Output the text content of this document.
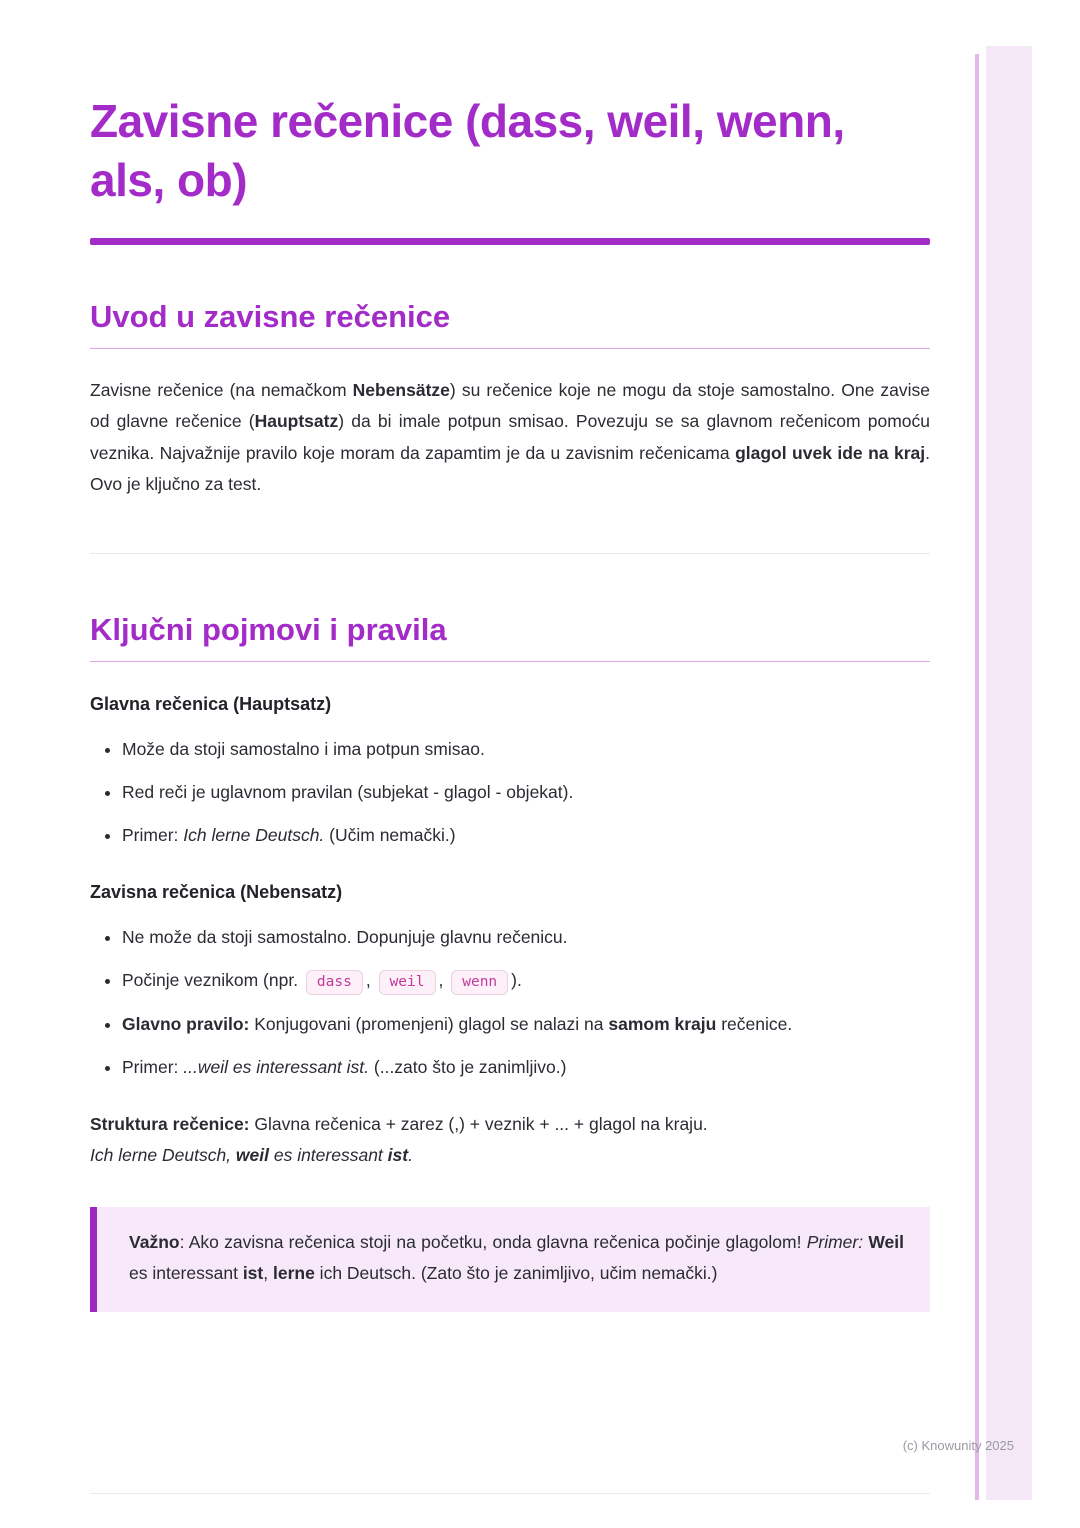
Zavisne rečenice (dass, weil, wenn, als, ob)
Uvod u zavisne rečenice

Zavisne rečenice (na nemačkom Nebensätze) su rečenice koje ne mogu da stoje samostalno. One zavise od glavne rečenice (Hauptsatz) da bi imale potpun smisao. Povezuju se sa glavnom rečenicom pomoću veznika. Najvažnije pravilo koje moram da zapamtim je da u zavisnim rečenicama glagol uvek ide na kraj. Ovo je ključno za test.

Ključni pojmovi i pravila

Glavna rečenica (Hauptsatz)

• Može da stoji samostalno i ima potpun smisao.
• Red reči je uglavnom pravilan (subjekat - glagol - objekat).
• Primer: Ich lerne Deutsch. (Učim nemački.)

Zavisna rečenica (Nebensatz)

• Ne može da stoji samostalno. Dopunjuje glavnu rečenicu.
• Počinje veznikom (npr. dass , weil , wenn ).
• Glavno pravilo: Konjugovani (promenjeni) glagol se nalazi na samom kraju rečenice.
• Primer: ...weil es interessant ist. (...zato što je zanimljivo.)
Struktura rečenice: Glavna rečenica + zarez (,) + veznik + ... + glagol na kraju.
Ich lerne Deutsch, weil es interessant ist.

Važno: Ako zavisna rečenica stoji na početku, onda glavna rečenica počinje glagolom! Primer: Weil es interessant ist, lerne ich Deutsch. (Zato što je zanimljivo, učim nemački.)

(c) Knowunity 2025
